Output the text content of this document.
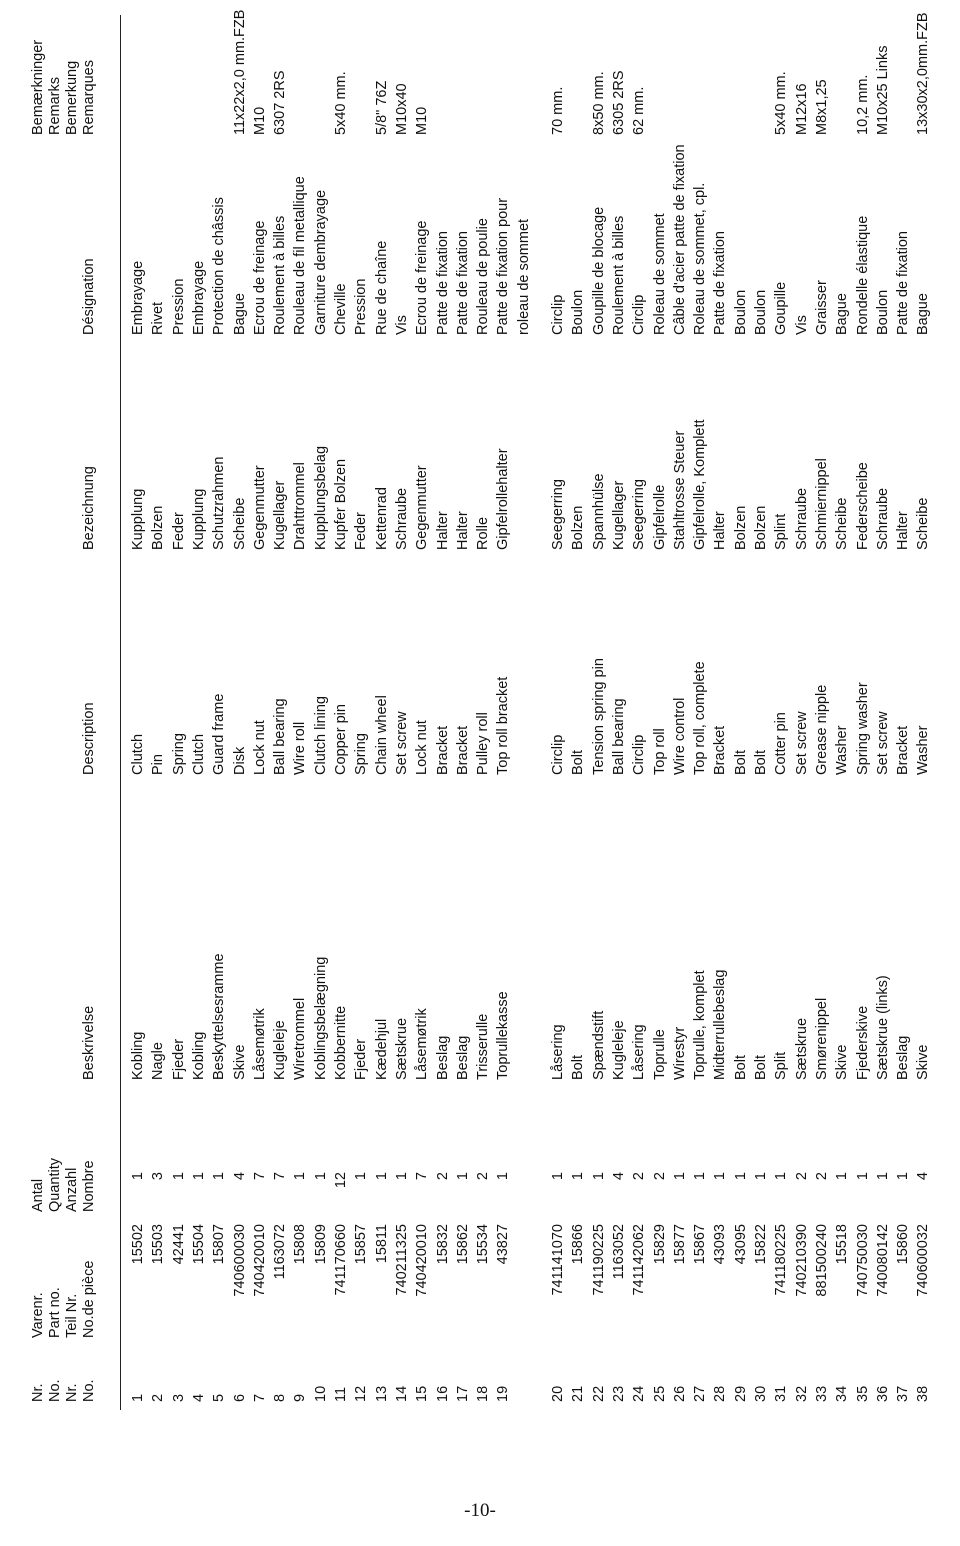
Nr. No. Nr. No.
Varenr. Part no. Teil Nr. No.de pièce
Antal Quantity Anzahl Nombre

Beskrivelse

Description

Bezeichnung

Désignation
Bemærkninger Remarks Bemerkung Remarques
1
15502
1
Kobling
Clutch
Kupplung
Embrayage
2
15503
3
Nagle
Pin
Bolzen
Rivet
3
42441
1
Fjeder
Spring
Feder
Pression
4
15504
1
Kobling
Clutch
Kupplung
Embrayage
5
15807
1
Beskyttelsesramme
Guard frame
Schutzrahmen
Protection de châssis
6
740600030
4
Skive
Disk
Scheibe
Bague
11x22x2,0 mm.FZB
7
740420010
7
Låsemøtrik
Lock nut
Gegenmutter
Ecrou de freinage
M10
8
1163072
7
Kugleleje
Ball bearing
Kugellager
Roulement à billes
6307 2RS
9
15808
1
Wiretrommel
Wire roll
Drahttrommel
Rouleau de fil metallique
10
15809
1
Koblingsbelægning
Clutch lining
Kupplungsbelag
Garniture dembrayage
11
741170660
12
Kobbernitte
Copper pin
Kupfer Bolzen
Cheville
5x40 mm.
12
15857
1
Fjeder
Spring
Feder
Pression
13
15811
1
Kædehjul
Chain wheel
Kettenrad
Rue de chaîne
5/8" 76Z
14
740211325
1
Sætskrue
Set screw
Schraube
Vis
M10x40
15
740420010
7
Låsemøtrik
Lock nut
Gegenmutter
Ecrou de freinage
M10
16
15832
2
Beslag
Bracket
Halter
Patte de fixation
17
15862
1
Beslag
Bracket
Halter
Patte de fixation
18
15534
2
Trisserulle
Pulley roll
Rolle
Rouleau de poulie
19
43827
1
Toprullekasse
Top roll bracket
Gipfelrollehalter
Patte de fixation pour roleau de sommet
20
741141070
1
Låsering
Circlip
Seegerring
Circlip
70 mm.
21
15866
1
Bolt
Bolt
Bolzen
Boulon
22
741190225
1
Spændstift
Tension spring pin
Spannhülse
Goupille de blocage
8x50 mm.
23
1163052
4
Kugleleje
Ball bearing
Kugellager
Roulement à billes
6305 2RS
24
741142062
2
Låsering
Circlip
Seegerring
Circlip
62 mm.
25
15829
2
Toprulle
Top roll
Gipfelrolle
Roleau de sommet
26
15877
1
Wirestyr
Wire control
Stahltrosse Steuer
Câble d'acier patte de fixation
27
15867
1
Toprulle, komplet
Top roll, complete
Gipfelrolle, Komplett
Roleau de sommet, cpl.
28
43093
1
Midterrullebeslag
Bracket
Halter
Patte de fixation
29
43095
1
Bolt
Bolt
Bolzen
Boulon
30
15822
1
Bolt
Bolt
Bolzen
Boulon
31
741180225
1
Split
Cotter pin
Splint
Goupille
5x40 mm.
32
740210390
2
Sætskrue
Set screw
Schraube
Vis
M12x16
33
881500240
2
Smørenippel
Grease nipple
Schmiernippel
Graisser
M8x1,25
34
15518
1
Skive
Washer
Scheibe
Bague
35
740750030
1
Fjederskive
Spring washer
Federscheibe
Rondelle élastique
10,2 mm.
36
740080142
1
Sætskrue (links)
Set screw
Schraube
Boulon
M10x25 Links
37
15860
1
Beslag
Bracket
Halter
Patte de fixation
38
740600032
4
Skive
Washer
Scheibe
Bague
13x30x2,0mm.FZB
-10-
